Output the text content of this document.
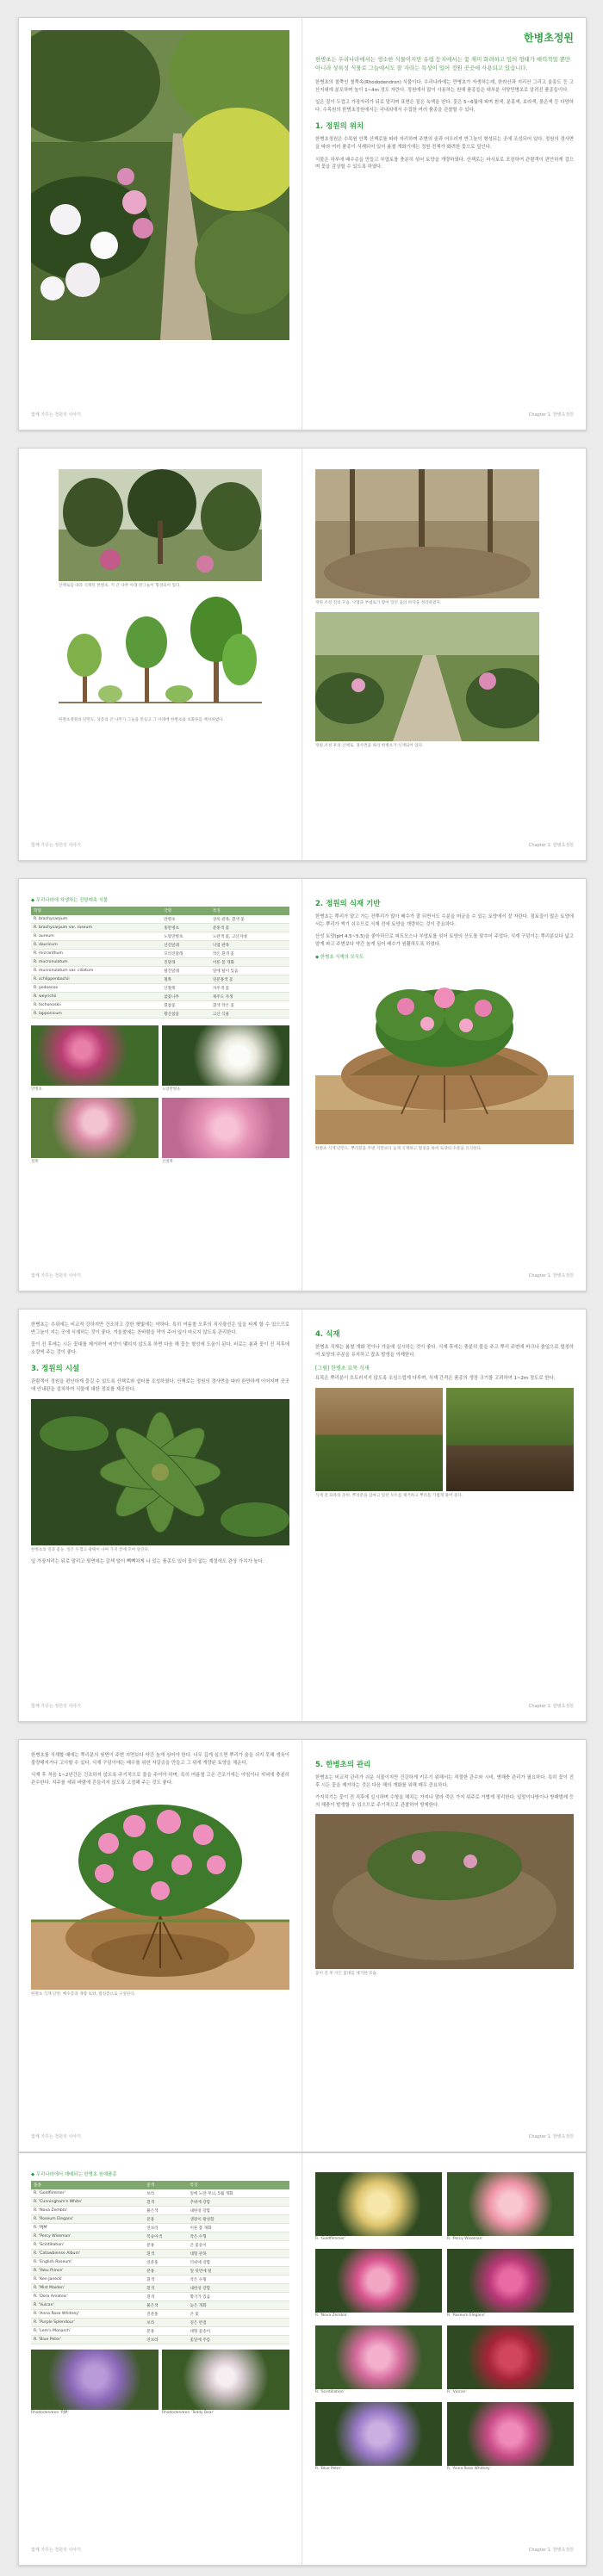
함께 가꾸는 정원의 이야기
한병초정원

한병초는 우리나라에서는 생소한 식물이지만 유럽 등지에서는 꽃 재미 화려하고 잎의 형태가 매력적일 뿐만 아니라 상록성 식물로 그늘에서도 잘 자라는 특성이 있어 정원 곳곳에 사용되고 있습니다.

한병초의 철쭉인 철쭉속(Rhododendron) 식물이다. 우리나라에는 만병초가 자생하는데, 한라산과 지리산 그리고 울릉도 등 고산지대에 분포하며 높이 1~4m 정도 자란다. 정원에서 많이 사용하는 원예 품종들은 대부분 서양만병초로 알려진 품종들이다.

잎은 질이 두껍고 가장자리가 뒤로 말리며 표면은 짙은 녹색을 띤다. 꽃은 5~6월에 피며 흰색, 분홍색, 보라색, 붉은색 등 다양하다. 수목원의 한병초정원에서는 국내외에서 수집한 여러 품종을 관찰할 수 있다.

1. 정원의 위치

한병초정원은 수목원 안쪽 산책로를 따라 자리하며 주변의 숲과 어우러져 반그늘이 형성되는 곳에 조성되어 있다. 정원의 경사면을 따라 여러 품종이 식재되어 있어 봄철 개화기에는 정원 전체가 화려한 꽃으로 덮인다.

식물은 하부에 배수층을 만들고 부엽토를 충분히 섞어 토양을 개량하였다. 산책로는 마사토로 포장하여 관람객이 편안하게 걸으며 꽃을 감상할 수 있도록 하였다.

Chapter 1. 한병초정원
산책로를 따라 식재된 한병초. 키 큰 나무 아래 반그늘이 형성되어 있다.
한병초정원의 단면도. 상층의 큰 나무가 그늘을 만들고 그 아래에 한병초와 초화류를 배치하였다.
함께 가꾸는 정원의 이야기
정원 조성 전의 모습. 낙엽과 부엽토가 쌓여 있던 숲의 바닥을 정리하였다.
정원 조성 후의 산책로. 경사면을 따라 한병초가 식재되어 있다.
Chapter 1. 한병초정원
◆ 우리나라에 자생하는 진달래속 식물
학명	국명	특징
R. brachycarpum	만병초	상록 관목, 흰색 꽃
R. brachycarpum var. roseum	홍만병초	분홍색 꽃
R. aureum	노랑만병초	노란색 꽃, 고산지대
R. dauricum	산진달래	낙엽 관목
R. micranthum	꼬리진달래	작은 흰색 꽃
R. mucronulatum	진달래	이른 봄 개화
R. mucronulatum var. ciliatum	털진달래	잎에 털이 있음
R. schlippenbachii	철쭉	연분홍색 꽃
R. yedoense	산철쭉	자주색 꽃
R. weyrichii	참꽃나무	제주도 자생
R. tschonoskii	흰참꽃	흰색 작은 꽃
R. lapponicum	황산참꽃	고산 식물
만병초	노랑만병초
철쭉	산철쭉
함께 가꾸는 정원의 이야기
2. 정원의 식재 기반

한병초는 뿌리가 얕고 가는 잔뿌리가 많아 배수가 잘 되면서도 수분을 머금을 수 있는 토양에서 잘 자란다. 점토질이 많은 토양에서는 뿌리가 썩기 쉬우므로 식재 전에 토양을 개량하는 것이 중요하다.

산성 토양(pH 4.5~5.5)을 좋아하므로 피트모스나 부엽토를 섞어 토양의 산도를 맞추어 주었다. 식재 구덩이는 뿌리분보다 넓고 얕게 파고 주변보다 약간 높게 심어 배수가 원활하도록 하였다.

◆ 한병초 식재의 모식도
한병초 식재 단면도. 뿌리분을 주변 지면보다 높게 식재하고 멀칭을 하여 토양의 수분을 유지한다.
Chapter 1. 한병초정원

한병초는 추위에는 비교적 강하지만 건조하고 강한 햇빛에는 약하다. 특히 여름철 오후의 직사광선은 잎을 타게 할 수 있으므로 반그늘이 지는 곳에 식재하는 것이 좋다. 겨울철에는 찬바람을 막아 주어 잎이 마르지 않도록 관리한다.

꽃이 진 후에는 시든 꽃대를 제거하여 씨앗이 맺히지 않도록 하면 다음 해 꽃눈 형성에 도움이 된다. 비료는 봄과 꽃이 진 직후에 소량씩 주는 것이 좋다.

3. 정원의 시설

관람객이 정원을 편안하게 즐길 수 있도록 산책로와 쉼터를 조성하였다. 산책로는 정원의 경사면을 따라 완만하게 이어지며 곳곳에 안내판을 설치하여 식물에 대한 정보를 제공한다.

한병초의 잎과 꽃눈. 잎은 두껍고 광택이 나며 가지 끝에 모여 달린다.

잎 가장자리는 뒤로 말리고 뒷면에는 갈색 털이 빽빽하게 나 있는 품종도 있어 꽃이 없는 계절에도 관상 가치가 높다.

함께 가꾸는 정원의 이야기
4. 식재

한병초 식재는 봄철 개화 전이나 가을에 실시하는 것이 좋다. 식재 후에는 충분히 물을 주고 뿌리 주변에 바크나 솔잎으로 멀칭하여 토양의 수분을 유지하고 잡초 발생을 억제한다.

[그림] 한병초 묘목 식재

묘목은 뿌리분이 흐트러지지 않도록 조심스럽게 다루며, 식재 간격은 품종의 생장 크기를 고려하여 1~2m 정도로 한다.

식재 전 묘목의 준비. 뿌리분을 감싸고 있던 포트를 제거하고 뿌리를 가볍게 풀어 준다.
Chapter 1. 한병초정원

한병초를 식재할 때에는 뿌리분의 윗면이 주변 지면보다 약간 높게 심어야 한다. 너무 깊게 심으면 뿌리가 숨을 쉬지 못해 생육이 불량해지거나 고사할 수 있다. 식재 구덩이에는 배수를 위한 자갈층을 만들고 그 위에 개량된 토양을 채운다.

식재 후 처음 1~2년간은 건조하지 않도록 주기적으로 물을 주어야 하며, 특히 여름철 고온 건조기에는 아침이나 저녁에 충분히 관수한다. 지주를 세워 바람에 흔들리지 않도록 고정해 주는 것도 좋다.

한병초 식재 단면. 배수층과 개량 토양, 멀칭층으로 구성된다.
함께 가꾸는 정원의 이야기
5. 한병초의 관리

한병초는 비교적 관리가 쉬운 식물이지만 건강하게 키우기 위해서는 적절한 관수와 시비, 병해충 관리가 필요하다. 특히 꽃이 진 후 시든 꽃을 제거하는 것은 다음 해의 개화를 위해 매우 중요하다.

가지치기는 꽃이 진 직후에 실시하며 수형을 해치는 가지나 말라 죽은 가지 위주로 가볍게 정리한다. 잎말이나방이나 방패벌레 등의 해충이 발생할 수 있으므로 주기적으로 관찰하여 방제한다.

꽃이 진 후 시든 꽃대를 제거한 모습.
Chapter 1. 한병초정원
◆ 우리나라에서 재배되는 한병초 원예품종
품종	꽃색	특징
R. 'Goldflimmer'	보라	잎에 노란 무늬, 5월 개화
R. 'Cunningham's White'	흰색	추위에 강함
R. 'Nova Zembla'	붉은색	내한성 강함
R. 'Roseum Elegans'	분홍	생장이 왕성함
R. 'PJM'	연보라	이른 봄 개화
R. 'Percy Wiseman'	복숭아색	작은 수형
R. 'Scintillation'	분홍	큰 꽃송이
R. 'Catawbiense Album'	흰색	대형 관목
R. 'English Roseum'	연분홍	더위에 강함
R. 'Yaku Prince'	분홍	잎 뒷면에 털
R. 'Ken Janeck'	흰색	작은 수형
R. 'Mist Maiden'	흰색	내한성 강함
R. 'Dora Amateis'	흰색	향기가 있음
R. 'Vulcan'	붉은색	늦은 개화
R. 'Anna Rose Whitney'	진분홍	큰 꽃
R. 'Purple Splendour'	보라	짙은 반점
R. 'Lem's Monarch'	분홍	대형 꽃송이
R. 'Blue Peter'	연보라	꽃잎에 주름
Rhododendron 'PJM'	Rhododendron 'Teddy Bear'
함께 가꾸는 정원의 이야기
R. 'Goldflimmer'	R. 'Percy Wiseman'
R. 'Nova Zembla'	R. 'Roseum Elegans'
R. 'Scintillation'	R. 'Vulcan'
R. 'Blue Peter'	R. 'Anna Rose Whitney'
Chapter 1. 한병초정원
